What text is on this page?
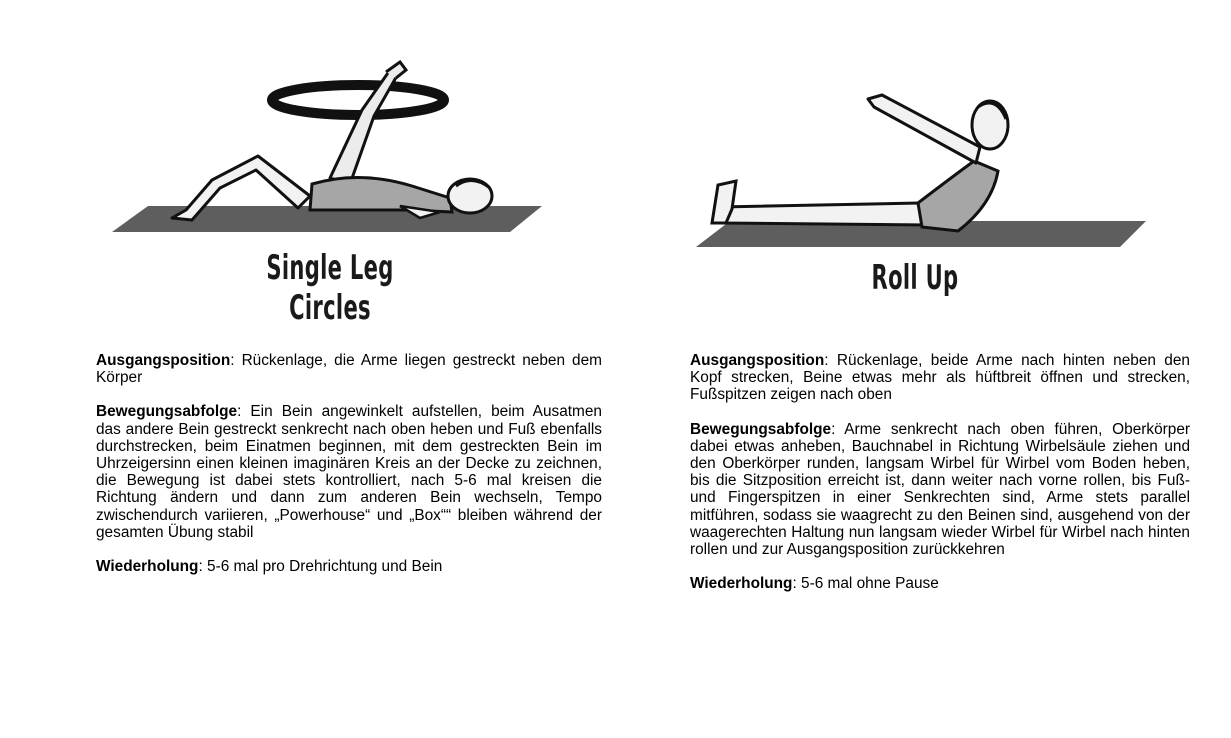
Single Leg Circles
Roll Up

Ausgangsposition: Rückenlage, die Arme liegen gestreckt neben dem Körper

Bewegungsabfolge: Ein Bein angewinkelt aufstellen, beim Ausatmen das andere Bein gestreckt senkrecht nach oben heben und Fuß ebenfalls durchstrecken, beim Einatmen beginnen, mit dem gestreckten Bein im Uhrzeigersinn einen kleinen imaginären Kreis an der Decke zu zeichnen, die Bewegung ist dabei stets kontrolliert, nach 5-6 mal kreisen die Richtung ändern und dann zum anderen Bein wechseln, Tempo zwischendurch variieren, „Powerhouse“ und „Box““ bleiben während der gesamten Übung stabil

Wiederholung: 5-6 mal pro Drehrichtung und Bein

Ausgangsposition: Rückenlage, beide Arme nach hinten neben den Kopf strecken, Beine etwas mehr als hüftbreit öffnen und strecken, Fußspitzen zeigen nach oben

Bewegungsabfolge: Arme senkrecht nach oben führen, Oberkörper dabei etwas anheben, Bauchnabel in Richtung Wirbelsäule ziehen und den Oberkörper runden, langsam Wirbel für Wirbel vom Boden heben, bis die Sitzposition erreicht ist, dann weiter nach vorne rollen, bis Fuß- und Fingerspitzen in einer Senkrechten sind, Arme stets parallel mitführen, sodass sie waagrecht zu den Beinen sind, ausgehend von der waagerechten Haltung nun langsam wieder Wirbel für Wirbel nach hinten rollen und zur Ausgangsposition zurückkehren

Wiederholung: 5-6 mal ohne Pause
